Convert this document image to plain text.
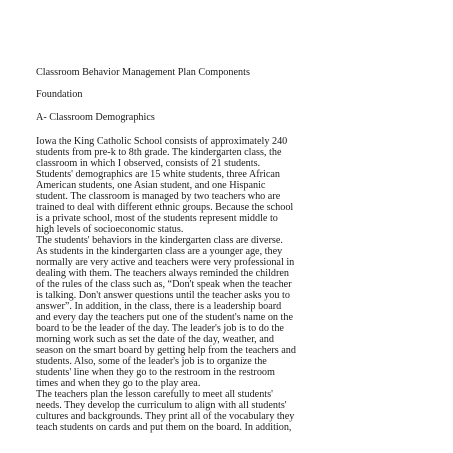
Classroom Behavior Management Plan Components

Foundation

A- Classroom Demographics

Iowa the King Catholic School consists of approximately 240

students from pre-k to 8th grade. The kindergarten class, the

classroom in which I observed, consists of 21 students.

Students' demographics are 15 white students, three African

American students, one Asian student, and one Hispanic

student. The classroom is managed by two teachers who are

trained to deal with different ethnic groups. Because the school

is a private school, most of the students represent middle to

high levels of socioeconomic status.

The students' behaviors in the kindergarten class are diverse.

As students in the kindergarten class are a younger age, they

normally are very active and teachers were very professional in

dealing with them. The teachers always reminded the children

of the rules of the class such as, “Don't speak when the teacher

is talking. Don't answer questions until the teacher asks you to

answer”. In addition, in the class, there is a leadership board

and every day the teachers put one of the student's name on the

board to be the leader of the day. The leader's job is to do the

morning work such as set the date of the day, weather, and

season on the smart board by getting help from the teachers and

students. Also, some of the leader's job is to organize the

students' line when they go to the restroom in the restroom

times and when they go to the play area.

The teachers plan the lesson carefully to meet all students'

needs. They develop the curriculum to align with all students'

cultures and backgrounds. They print all of the vocabulary they

teach students on cards and put them on the board. In addition,
